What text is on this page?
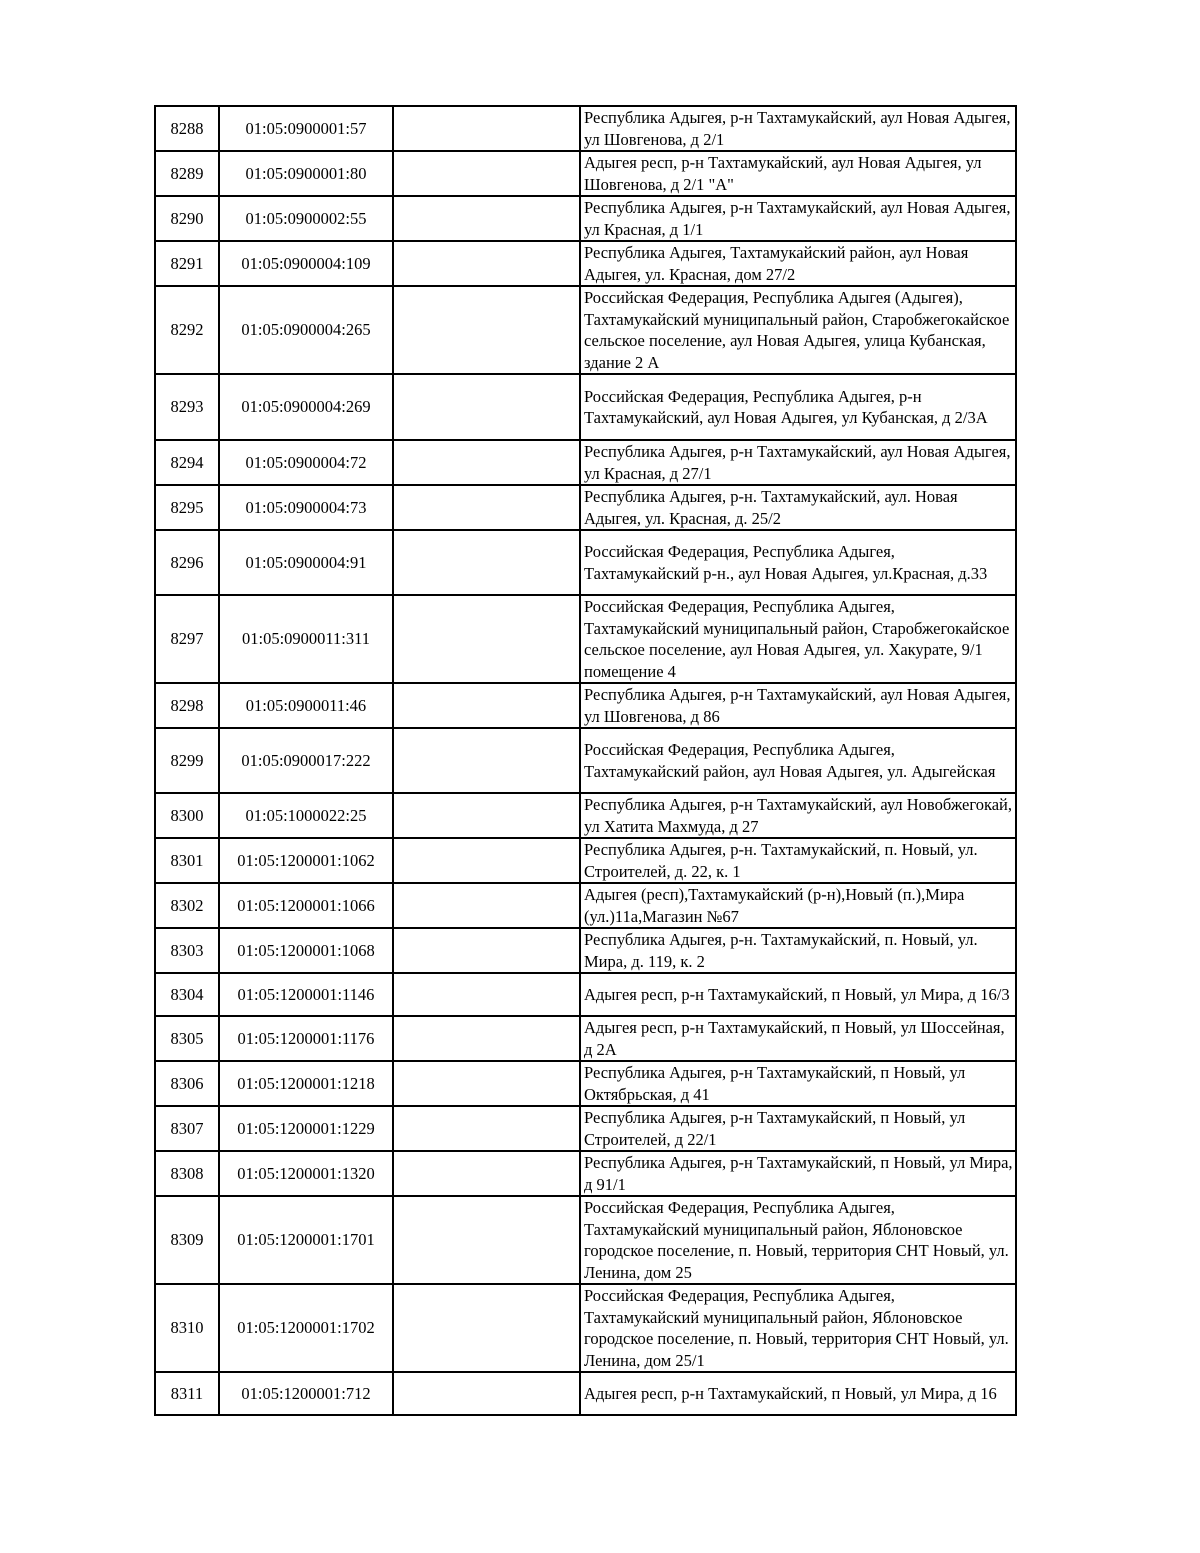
8288	01:05:0900001:57		Республика Адыгея, р-н Тахтамукайский, аул Новая Адыгея, ул Шовгенова, д 2/1
8289	01:05:0900001:80		Адыгея респ, р-н Тахтамукайский, аул Новая Адыгея, ул Шовгенова, д 2/1 "А"
8290	01:05:0900002:55		Республика Адыгея, р-н Тахтамукайский, аул Новая Адыгея, ул Красная, д 1/1
8291	01:05:0900004:109		Республика Адыгея, Тахтамукайский район, аул Новая Адыгея, ул. Красная, дом 27/2
8292	01:05:0900004:265		Российская Федерация, Республика Адыгея (Адыгея), Тахтамукайский муниципальный район, Старобжегокайское сельское поселение, аул Новая Адыгея, улица Кубанская, здание 2 А
8293	01:05:0900004:269		Российская Федерация, Республика Адыгея, р-н Тахтамукайский, аул Новая Адыгея, ул Кубанская, д 2/3А
8294	01:05:0900004:72		Республика Адыгея, р-н Тахтамукайский, аул Новая Адыгея, ул Красная, д 27/1
8295	01:05:0900004:73		Республика Адыгея, р-н. Тахтамукайский, аул. Новая Адыгея, ул. Красная, д. 25/2
8296	01:05:0900004:91		Российская Федерация, Республика Адыгея, Тахтамукайский р-н., аул Новая Адыгея, ул.Красная, д.33
8297	01:05:0900011:311		Российская Федерация, Республика Адыгея, Тахтамукайский муниципальный район, Старобжегокайское сельское поселение, аул Новая Адыгея, ул. Хакурате, 9/1 помещение 4
8298	01:05:0900011:46		Республика Адыгея, р-н Тахтамукайский, аул Новая Адыгея, ул Шовгенова, д 86
8299	01:05:0900017:222		Российская Федерация, Республика Адыгея, Тахтамукайский район, аул Новая Адыгея, ул. Адыгейская
8300	01:05:1000022:25		Республика Адыгея, р-н Тахтамукайский, аул Новобжегокай, ул Хатита Махмуда, д 27
8301	01:05:1200001:1062		Республика Адыгея, р-н. Тахтамукайский, п. Новый, ул. Строителей, д. 22, к. 1
8302	01:05:1200001:1066		Адыгея (респ),Тахтамукайский (р-н),Новый (п.),Мира (ул.)11а,Магазин №67
8303	01:05:1200001:1068		Республика Адыгея, р-н. Тахтамукайский, п. Новый, ул. Мира, д. 119, к. 2
8304	01:05:1200001:1146		Адыгея респ, р-н Тахтамукайский, п Новый, ул Мира, д 16/3
8305	01:05:1200001:1176		Адыгея респ, р-н Тахтамукайский, п Новый, ул Шоссейная, д 2А
8306	01:05:1200001:1218		Республика Адыгея, р-н Тахтамукайский, п Новый, ул Октябрьская, д 41
8307	01:05:1200001:1229		Республика Адыгея, р-н Тахтамукайский, п Новый, ул Строителей, д 22/1
8308	01:05:1200001:1320		Республика Адыгея, р-н Тахтамукайский, п Новый, ул Мира, д 91/1
8309	01:05:1200001:1701		Российская Федерация, Республика Адыгея, Тахтамукайский муниципальный район, Яблоновское городское поселение, п. Новый, территория СНТ Новый, ул. Ленина, дом 25
8310	01:05:1200001:1702		Российская Федерация, Республика Адыгея, Тахтамукайский муниципальный район, Яблоновское городское поселение, п. Новый, территория СНТ Новый, ул. Ленина, дом 25/1
8311	01:05:1200001:712		Адыгея респ, р-н Тахтамукайский, п Новый, ул Мира, д 16
